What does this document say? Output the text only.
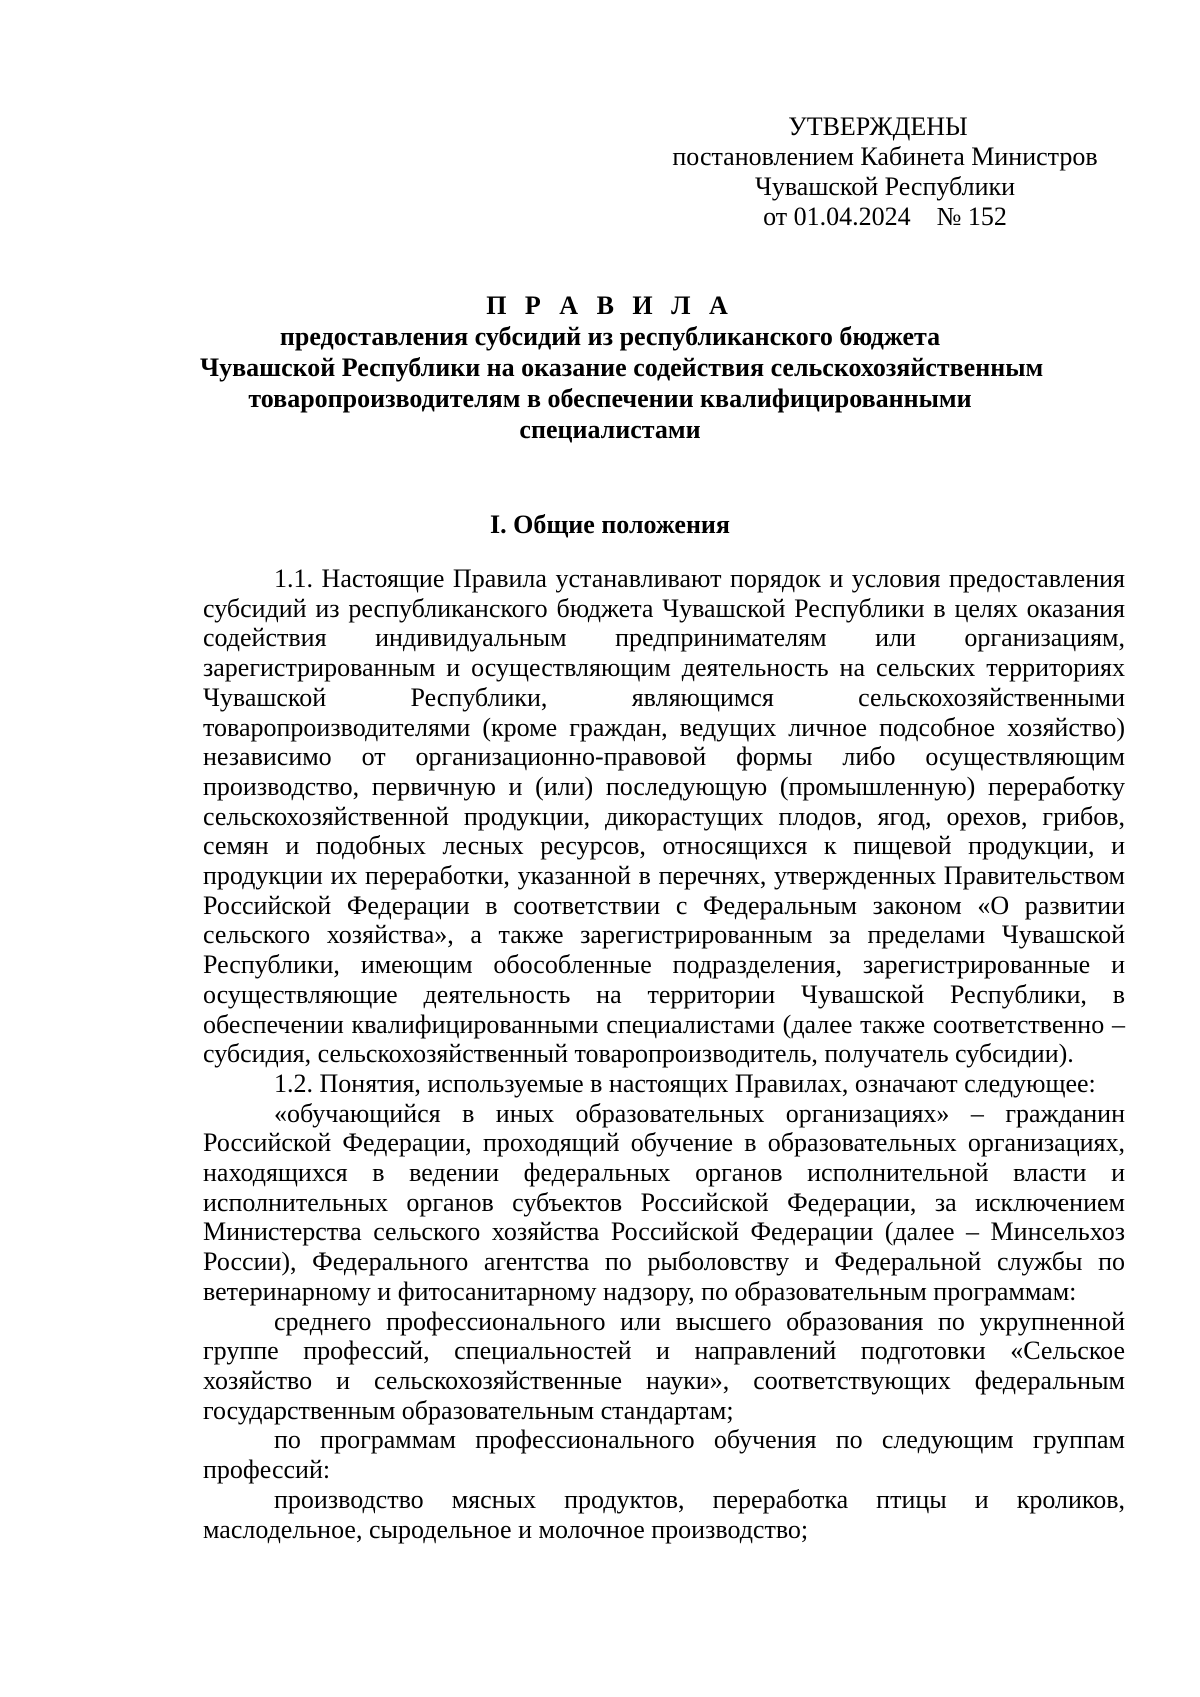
УТВЕРЖДЕНЫ
постановлением Кабинета Министров
Чувашской Республики
от 01.04.2024    № 152
П Р А В И Л А
предоставления субсидий из республиканского бюджета
Чувашской Республики на оказание содействия сельскохозяйственным
товаропроизводителям в обеспечении квалифицированными
специалистами
I. Общие положения

1.1. Настоящие Правила устанавливают порядок и условия предоставления субсидий из республиканского бюджета Чувашской Республики в целях оказания содействия индивидуальным предпринимателям или организациям, зарегистрированным и осуществляющим деятельность на сельских территориях Чувашской Республики, являющимся сельскохозяйственными товаропроизводителями (кроме граждан, ведущих личное подсобное хозяйство) независимо от организационно-правовой формы либо осуществляющим производство, первичную и (или) последующую (промышленную) переработку сельскохозяйственной продукции, дикорастущих плодов, ягод, орехов, грибов, семян и подобных лесных ресурсов, относящихся к пищевой продукции, и продукции их переработки, указанной в перечнях, утвержденных Правительством Российской Федерации в соответствии с Федеральным законом «О развитии сельского хозяйства», а также зарегистрированным за пределами Чувашской Республики, имеющим обособленные подразделения, зарегистрированные и осуществляющие деятельность на территории Чувашской Республики, в обеспечении квалифицированными специалистами (далее также соответственно – субсидия, сельскохозяйственный товаропроизводитель, получатель субсидии).

1.2. Понятия, используемые в настоящих Правилах, означают следующее:

«обучающийся в иных образовательных организациях» – гражданин Российской Федерации, проходящий обучение в образовательных организациях, находящихся в ведении федеральных органов исполнительной власти и исполнительных органов субъектов Российской Федерации, за исключением Министерства сельского хозяйства Российской Федерации (далее – Минсельхоз России), Федерального агентства по рыболовству и Федеральной службы по ветеринарному и фитосанитарному надзору, по образовательным программам:

среднего профессионального или высшего образования по укрупненной группе профессий, специальностей и направлений подготовки «Сельское хозяйство и сельскохозяйственные науки», соответствующих федеральным государственным образовательным стандартам;

по программам профессионального обучения по следующим группам профессий:

производство мясных продуктов, переработка птицы и кроликов, маслодельное, сыродельное и молочное производство;
